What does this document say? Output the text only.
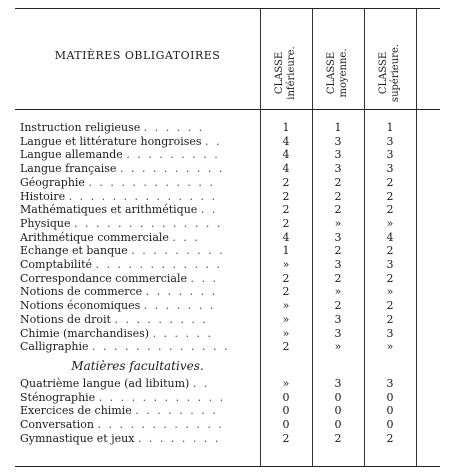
MATIÈRES OBLIGATOIRES	CLASSE inférieure.	CLASSE moyenne.	CLASSE supérieure.
Instruction religieuse . . . . . .	1	1	1
Langue et littérature hongroises . .	4	3	3
Langue allemande . . . . . . . . .	4	3	3
Langue française . . . . . . . . . .	4	3	3
Géographie . . . . . . . . . . . .	2	2	2
Histoire . . . . . . . . . . . . . .	2	2	2
Mathématiques et arithmétique . .	2	2	2
Physique . . . . . . . . . . . . . .	2	»	»
Arithmétique commerciale . . .	4	3	4
Echange et banque . . . . . . . . .	1	2	2
Comptabilité . . . . . . . . . . . .	»	3	3
Correspondance commerciale . . .	2	2	2
Notions de commerce . . . . . . .	2	»	»
Notions économiques . . . . . . .	»	2	2
Notions de droit . . . . . . . . .	»	3	2
Chimie (marchandises) . . . . . .	»	3	3
Calligraphie . . . . . . . . . . . . .	2	»	»
Matières facultatives.
Quatrième langue (ad libitum) . .	»	3	3
Sténographie . . . . . . . . . . . .	0	0	0
Exercices de chimie . . . . . . . .	0	0	0
Conversation . . . . . . . . . . . .	0	0	0
Gymnastique et jeux . . . . . . . .	2	2	2
